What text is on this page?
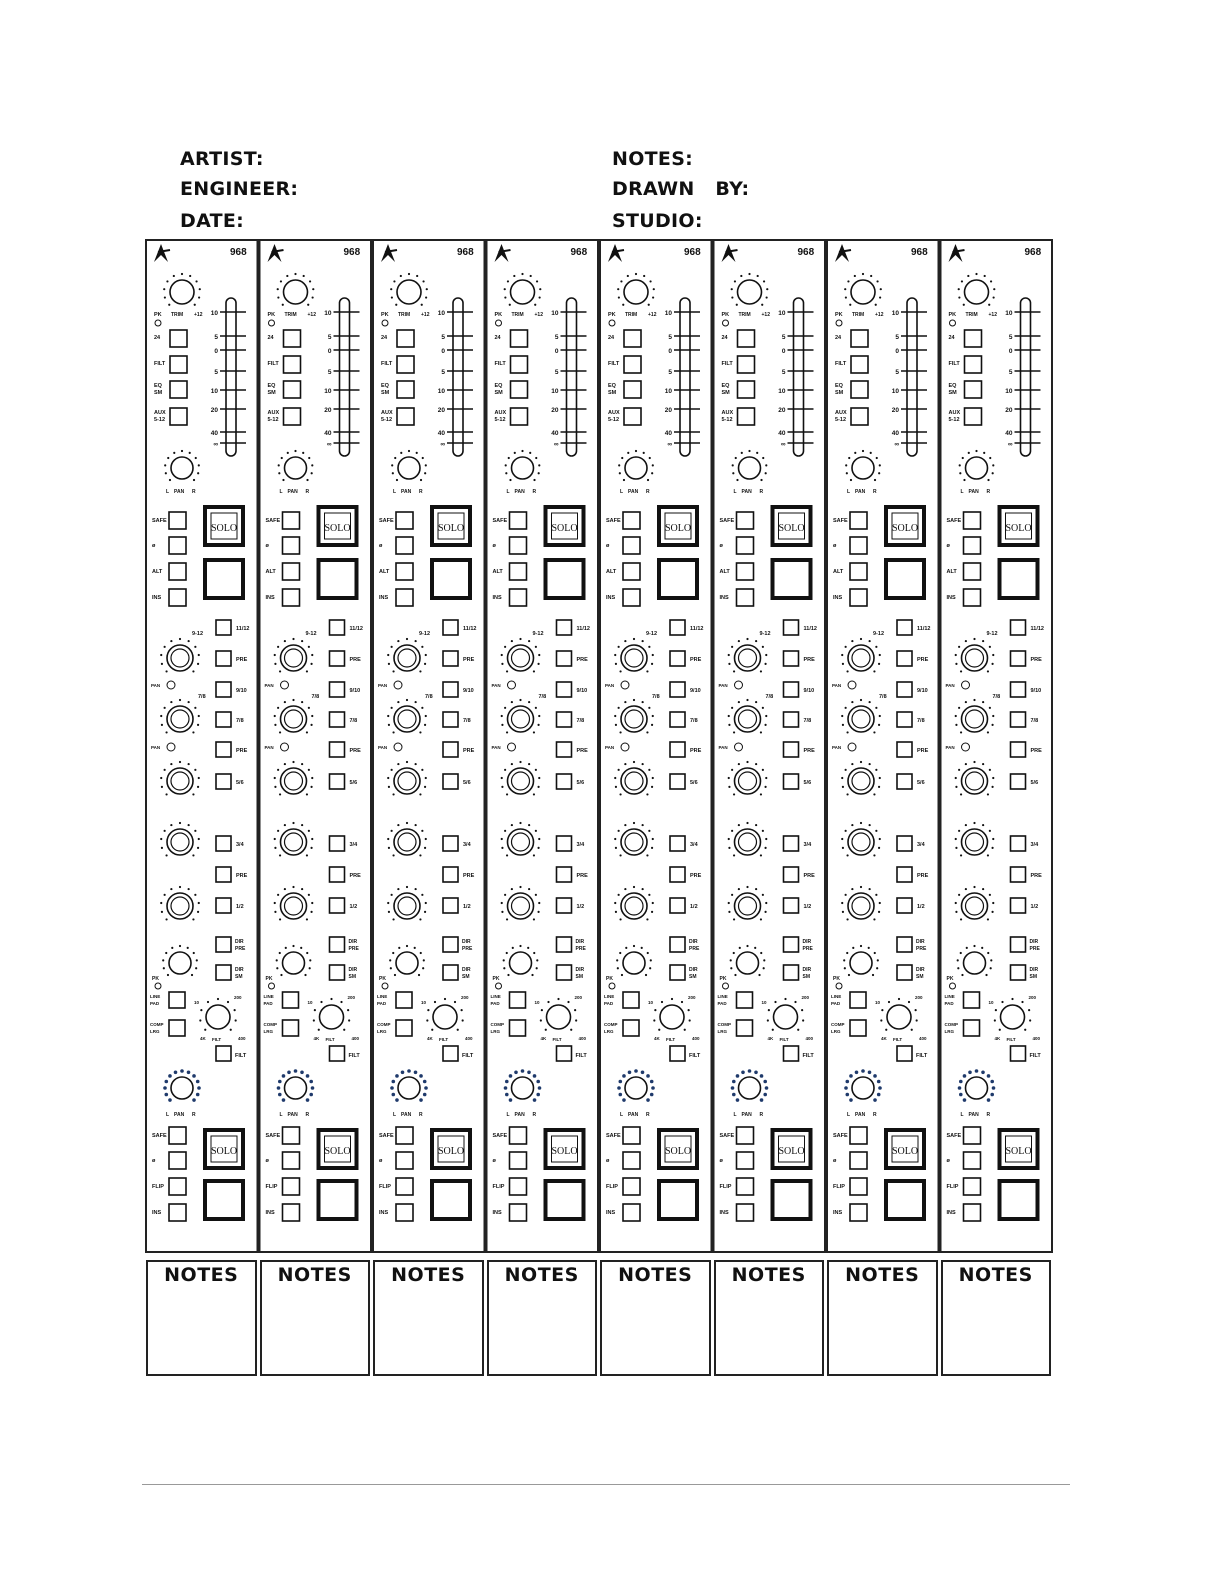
ARTIST:
ENGINEER:
DATE:
NOTES:
DRAWN   BY:
STUDIO:
968
PK TRIM +12
24
FILT
EQ
SM
AUX
5-12
10
5
0
5
10
20
40
∞
L PAN R
SAFE
ø
ALT
INS
SOLO
9-12
7/8
PAN
PAN
11/12
PRE
9/10
7/8
PRE
5/6
3/4
PRE
1/2
DIR
PRE
DIR
SM
PK
LINE
PAD
COMP
LRG
10
200
4K	400
FILT
FILT
L PAN R
SAFE
ø
FLIP
INS
SOLO
968
PK TRIM +12
24
FILT
EQ
SM
AUX
5-12
10
5
0
5
10
20
40
∞
L PAN R
SAFE
ø
ALT
INS
SOLO
9-12
7/8
PAN
PAN
11/12
PRE
9/10
7/8
PRE
5/6
3/4
PRE
1/2
DIR
PRE
DIR
SM
PK
LINE
PAD
COMP
LRG
10
200
4K	400
FILT
FILT
L PAN R
SAFE
ø
FLIP
INS
SOLO
968
PK TRIM +12
24
FILT
EQ
SM
AUX
5-12
10
5
0
5
10
20
40
∞
L PAN R
SAFE
ø
ALT
INS
SOLO
9-12
7/8
PAN
PAN
11/12
PRE
9/10
7/8
PRE
5/6
3/4
PRE
1/2
DIR
PRE
DIR
SM
PK
LINE
PAD
COMP
LRG
10
200
4K	400
FILT
FILT
L PAN R
SAFE
ø
FLIP
INS
SOLO
968
PK TRIM +12
24
FILT
EQ
SM
AUX
5-12
10
5
0
5
10
20
40
∞
L PAN R
SAFE
ø
ALT
INS
SOLO
9-12
7/8
PAN
PAN
11/12
PRE
9/10
7/8
PRE
5/6
3/4
PRE
1/2
DIR
PRE
DIR
SM
PK
LINE
PAD
COMP
LRG
10
200
4K	400
FILT
FILT
L PAN R
SAFE
ø
FLIP
INS
SOLO
968
PK TRIM +12
24
FILT
EQ
SM
AUX
5-12
10
5
0
5
10
20
40
∞
L PAN R
SAFE
ø
ALT
INS
SOLO
9-12
7/8
PAN
PAN
11/12
PRE
9/10
7/8
PRE
5/6
3/4
PRE
1/2
DIR
PRE
DIR
SM
PK
LINE
PAD
COMP
LRG
10
200
4K	400
FILT
FILT
L PAN R
SAFE
ø
FLIP
INS
SOLO
968
PK TRIM +12
24
FILT
EQ
SM
AUX
5-12
10
5
0
5
10
20
40
∞
L PAN R
SAFE
ø
ALT
INS
SOLO
9-12
7/8
PAN
PAN
11/12
PRE
9/10
7/8
PRE
5/6
3/4
PRE
1/2
DIR
PRE
DIR
SM
PK
LINE
PAD
COMP
LRG
10
200
4K	400
FILT
FILT
L PAN R
SAFE
ø
FLIP
INS
SOLO
968
PK TRIM +12
24
FILT
EQ
SM
AUX
5-12
10
5
0
5
10
20
40
∞
L PAN R
SAFE
ø
ALT
INS
SOLO
9-12
7/8
PAN
PAN
11/12
PRE
9/10
7/8
PRE
5/6
3/4
PRE
1/2
DIR
PRE
DIR
SM
PK
LINE
PAD
COMP
LRG
10
200
4K	400
FILT
FILT
L PAN R
SAFE
ø
FLIP
INS
SOLO
968
PK TRIM +12
24
FILT
EQ
SM
AUX
5-12
10
5
0
5
10
20
40
∞
L PAN R
SAFE
ø
ALT
INS
SOLO
9-12
7/8
PAN
PAN
11/12
PRE
9/10
7/8
PRE
5/6
3/4
PRE
1/2
DIR
PRE
DIR
SM
PK
LINE
PAD
COMP
LRG
10
200
4K	400
FILT
FILT
L PAN R
SAFE
ø
FLIP
INS
SOLO
NOTES	NOTES	NOTES	NOTES	NOTES	NOTES	NOTES	NOTES
